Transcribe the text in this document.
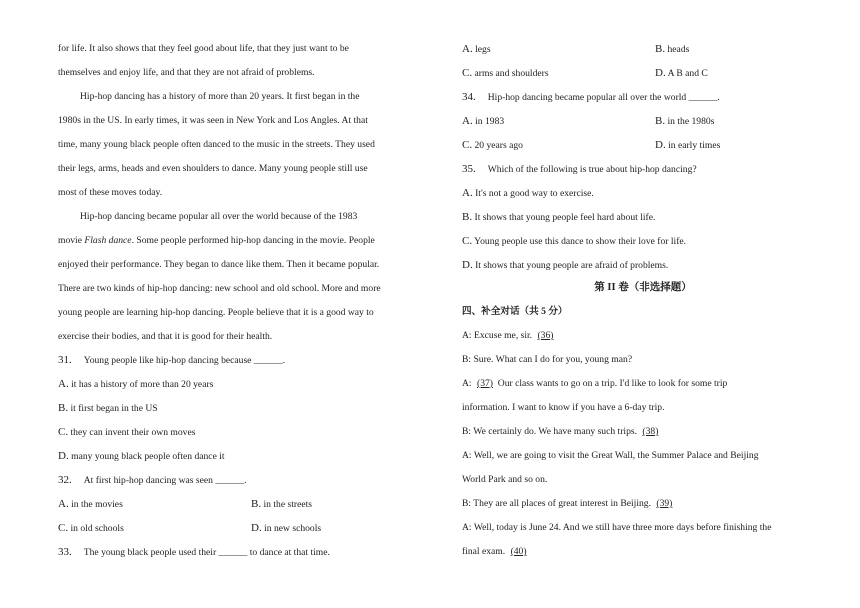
for life. It also shows that they feel good about life, that they just want to be
themselves and enjoy life, and that they are not afraid of problems.
Hip-hop dancing has a history of more than 20 years. It first began in the
1980s in the US. In early times, it was seen in New York and Los Angles. At that
time, many young black people often danced to the music in the streets. They used
their legs, arms, heads and even shoulders to dance. Many young people still use
most of these moves today.
Hip-hop dancing became popular all over the world because of the 1983
movie Flash dance. Some people performed hip-hop dancing in the movie. People
enjoyed their performance. They began to dance like them. Then it became popular.
There are two kinds of hip-hop dancing: new school and old school. More and more
young people are learning hip-hop dancing. People believe that it is a good way to
exercise their bodies, and that it is good for their health.
31. Young people like hip-hop dancing because ______.
A. it has a history of more than 20 years
B. it first began in the US
C. they can invent their own moves
D. many young black people often dance it
32. At first hip-hop dancing was seen ______.
A. in the movies	B. in the streets
C. in old schools	D. in new schools
33. The young black people used their ______ to dance at that time.
A. legs	B. heads
C. arms and shoulders	D. A B and C
34. Hip-hop dancing became popular all over the world ______.
A. in 1983	B. in the 1980s
C. 20 years ago	D. in early times
35. Which of the following is true about hip-hop dancing?
A. It's not a good way to exercise.
B. It shows that young people feel hard about life.
C. Young people use this dance to show their love for life.
D. It shows that young people are afraid of problems.
第 II 卷（非选择题）
四、补全对话（共 5 分）
A: Excuse me, sir. (36)
B: Sure. What can I do for you, young man?
A: (37) Our class wants to go on a trip. I'd like to look for some trip
information. I want to know if you have a 6-day trip.
B: We certainly do. We have many such trips. (38)
A: Well, we are going to visit the Great Wall, the Summer Palace and Beijing
World Park and so on.
B: They are all places of great interest in Beijing. (39)
A: Well, today is June 24. And we still have three more days before finishing the
final exam. (40)
